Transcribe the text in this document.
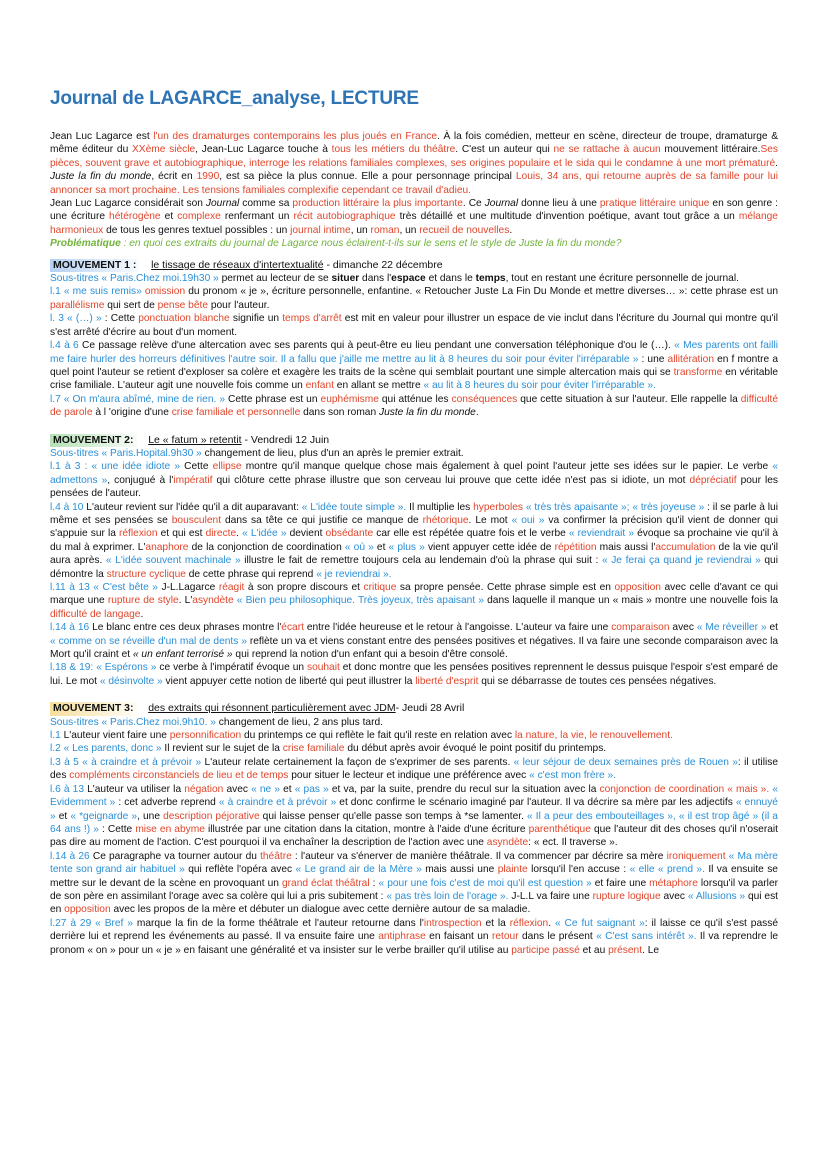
Journal de LAGARCE_analyse, LECTURE

Jean Luc Lagarce est l'un des dramaturges contemporains les plus joués en France. À la fois comédien, metteur en scène, directeur de troupe, dramaturge & même éditeur du XXème siècle, Jean-Luc Lagarce touche à tous les métiers du théâtre. C'est un auteur qui ne se rattache à aucun mouvement littéraire.Ses pièces, souvent grave et autobiographique, interroge les relations familiales complexes, ses origines populaire et le sida qui le condamne à une mort prématuré. Juste la fin du monde, écrit en 1990, est sa pièce la plus connue. Elle a pour personnage principal Louis, 34 ans, qui retourne auprès de sa famille pour lui annoncer sa mort prochaine. Les tensions familiales complexifie cependant ce travail d'adieu.

Jean Luc Lagarce considérait son Journal comme sa production littéraire la plus importante. Ce Journal donne lieu à une pratique littéraire unique en son genre : une écriture hétérogène et complexe renfermant un récit autobiographique très détaillé et une multitude d'invention poétique, avant tout grâce a un mélange harmonieux de tous les genres textuel possibles : un journal intime, un roman, un recueil de nouvelles.

Problématique : en quoi ces extraits du journal de Lagarce nous éclairent-t-ils sur le sens et le style de Juste la fin du monde?

MOUVEMENT 1 : le tissage de réseaux d'intertextualité - dimanche 22 décembre

Sous-titres « Paris.Chez moi.19h30 » permet au lecteur de se situer dans l'espace et dans le temps, tout en restant une écriture personnelle de journal.

l.1 « me suis remis» omission du pronom « je », écriture personnelle, enfantine. « Retoucher Juste La Fin Du Monde et mettre diverses… »: cette phrase est un parallélisme qui sert de pense bête pour l'auteur.

l. 3 « (…) » : Cette ponctuation blanche signifie un temps d'arrêt est mit en valeur pour illustrer un espace de vie inclut dans l'écriture du Journal qui montre qu'il s'est arrêté d'écrire au bout d'un moment.

l.4 à 6 Ce passage relève d'une altercation avec ses parents qui à peut-être eu lieu pendant une conversation téléphonique d'ou le (…). « Mes parents ont failli me faire hurler des horreurs définitives l'autre soir. Il a fallu que j'aille me mettre au lit à 8 heures du soir pour éviter l'irréparable » : une allitération en f montre a quel point l'auteur se retient d'exploser sa colère et exagère les traits de la scène qui semblait pourtant une simple altercation mais qui se transforme en véritable crise familiale. L'auteur agit une nouvelle fois comme un enfant en allant se mettre « au lit à 8 heures du soir pour éviter l'irréparable ».

l.7 « On m'aura abîmé, mine de rien. » Cette phrase est un euphémisme qui atténue les conséquences que cette situation à sur l'auteur. Elle rappelle la difficulté de parole à l 'origine d'une crise familiale et personnelle dans son roman Juste la fin du monde.

MOUVEMENT 2: Le « fatum » retentit - Vendredi 12 Juin

Sous-titres « Paris.Hopital.9h30 » changement de lieu, plus d'un an après le premier extrait.

l.1 à 3 : « une idée idiote » Cette ellipse montre qu'il manque quelque chose mais également à quel point l'auteur jette ses idées sur le papier. Le verbe « admettons », conjugué à l'impératif qui clôture cette phrase illustre que son cerveau lui prouve que cette idée n'est pas si idiote, un mot dépréciatif pour les pensées de l'auteur.

l.4 à 10 L'auteur revient sur l'idée qu'il a dit auparavant: « L'idée toute simple ». Il multiplie les hyperboles « très très apaisante »; « très joyeuse » : il se parle à lui même et ses pensées se bousculent dans sa tête ce qui justifie ce manque de rhétorique. Le mot « oui » va confirmer la précision qu'il vient de donner qui s'appuie sur la réflexion et qui est directe. « L'idée » devient obsédante car elle est répétée quatre fois et le verbe « reviendrait » évoque sa prochaine vie qu'il à du mal à exprimer. L'anaphore de la conjonction de coordination « où » et « plus » vient appuyer cette idée de répétition mais aussi l'accumulation de la vie qu'il aura après. « L'idée souvent machinale » illustre le fait de remettre toujours cela au lendemain d'où la phrase qui suit : « Je ferai ça quand je reviendrai » qui démontre la structure cyclique de cette phrase qui reprend « je reviendrai ».

l.11 à 13 « C'est bête » J-L.Lagarce réagit à son propre discours et critique sa propre pensée. Cette phrase simple est en opposition avec celle d'avant ce qui marque une rupture de style. L'asyndète « Bien peu philosophique. Très joyeux, très apaisant » dans laquelle il manque un « mais » montre une nouvelle fois la difficulté de langage.

l.14 à 16 Le blanc entre ces deux phrases montre l'écart entre l'idée heureuse et le retour à l'angoisse. L'auteur va faire une comparaison avec « Me réveiller » et « comme on se réveille d'un mal de dents » reflète un va et viens constant entre des pensées positives et négatives. Il va faire une seconde comparaison avec la Mort qu'il craint et « un enfant terrorisé » qui reprend la notion d'un enfant qui a besoin d'être consolé.

l.18 & 19: « Espérons » ce verbe à l'impératif évoque un souhait et donc montre que les pensées positives reprennent le dessus puisque l'espoir s'est emparé de lui. Le mot « désinvolte » vient appuyer cette notion de liberté qui peut illustrer la liberté d'esprit qui se débarrasse de toutes ces pensées négatives.

MOUVEMENT 3: des extraits qui résonnent particulièrement avec JDM- Jeudi 28 Avril

Sous-titres « Paris.Chez moi.9h10. » changement de lieu, 2 ans plus tard.

l.1 L'auteur vient faire une personnification du printemps ce qui reflète le fait qu'il reste en relation avec la nature, la vie, le renouvellement.

l.2 « Les parents, donc » Il revient sur le sujet de la crise familiale du début après avoir évoqué le point positif du printemps.

l.3 à 5 « à craindre et à prévoir » L'auteur relate certainement la façon de s'exprimer de ses parents. « leur séjour de deux semaines près de Rouen »: il utilise des compléments circonstanciels de lieu et de temps pour situer le lecteur et indique une préférence avec « c'est mon frère ».

l.6 à 13 L'auteur va utiliser la négation avec « ne » et « pas » et va, par la suite, prendre du recul sur la situation avec la conjonction de coordination « mais ». « Evidemment » : cet adverbe reprend « à craindre et à prévoir » et donc confirme le scénario imaginé par l'auteur. Il va décrire sa mère par les adjectifs « ennuyé » et « *geignarde », une description péjorative qui laisse penser qu'elle passe son temps à *se lamenter. « Il a peur des embouteillages », « il est trop âgé » (il a 64 ans !) » : Cette mise en abyme illustrée par une citation dans la citation, montre à l'aide d'une écriture parenthétique que l'auteur dit des choses qu'il n'oserait pas dire au moment de l'action. C'est pourquoi il va enchaîner la description de l'action avec une asyndète: « ect. Il traverse ».

l.14 à 26 Ce paragraphe va tourner autour du théâtre : l'auteur va s'énerver de manière théâtrale. Il va commencer par décrire sa mère ironiquement « Ma mère tente son grand air habituel » qui reflète l'opéra avec « Le grand air de la Mère » mais aussi une plainte lorsqu'il l'en accuse : « elle « prend ». Il va ensuite se mettre sur le devant de la scène en provoquant un grand éclat théâtral : « pour une fois c'est de moi qu'il est question » et faire une métaphore lorsqu'il va parler de son père en assimilant l'orage avec sa colère qui lui a pris subitement : « pas très loin de l'orage ». J-L.L va faire une rupture logique avec « Allusions » qui est en opposition avec les propos de la mère et débuter un dialogue avec cette dernière autour de sa maladie.

l.27 à 29 « Bref » marque la fin de la forme théâtrale et l'auteur retourne dans l'introspection et la réflexion. « Ce fut saignant »: il laisse ce qu'il s'est passé derrière lui et reprend les événements au passé. Il va ensuite faire une antiphrase en faisant un retour dans le présent « C'est sans intérêt ». Il va reprendre le pronom « on » pour un « je » en faisant une généralité et va insister sur le verbe brailler qu'il utilise au participe passé et au présent. Le
